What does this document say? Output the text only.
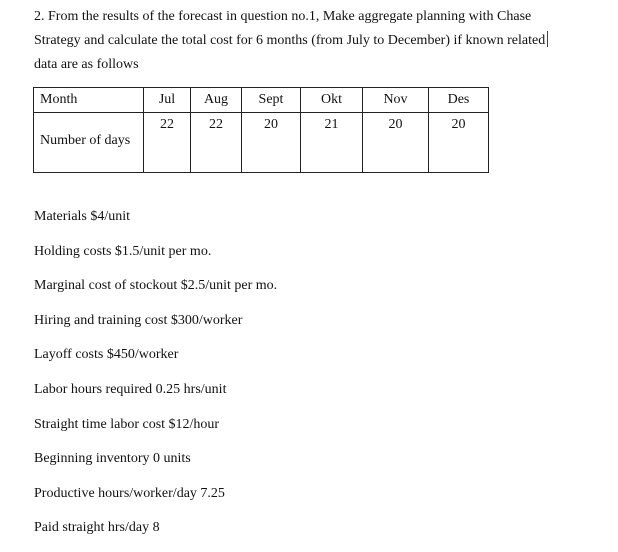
2. From the results of the forecast in question no.1, Make aggregate planning with Chase
Strategy and calculate the total cost for 6 months (from July to December) if known related
data are as follows
Month	Jul	Aug	Sept	Okt	Nov	Des

Number of days	22	22	20	21	20	20
Materials $4/unit
Holding costs $1.5/unit per mo.
Marginal cost of stockout $2.5/unit per mo.
Hiring and training cost $300/worker
Layoff costs $450/worker
Labor hours required 0.25 hrs/unit
Straight time labor cost $12/hour
Beginning inventory 0 units
Productive hours/worker/day 7.25
Paid straight hrs/day 8
